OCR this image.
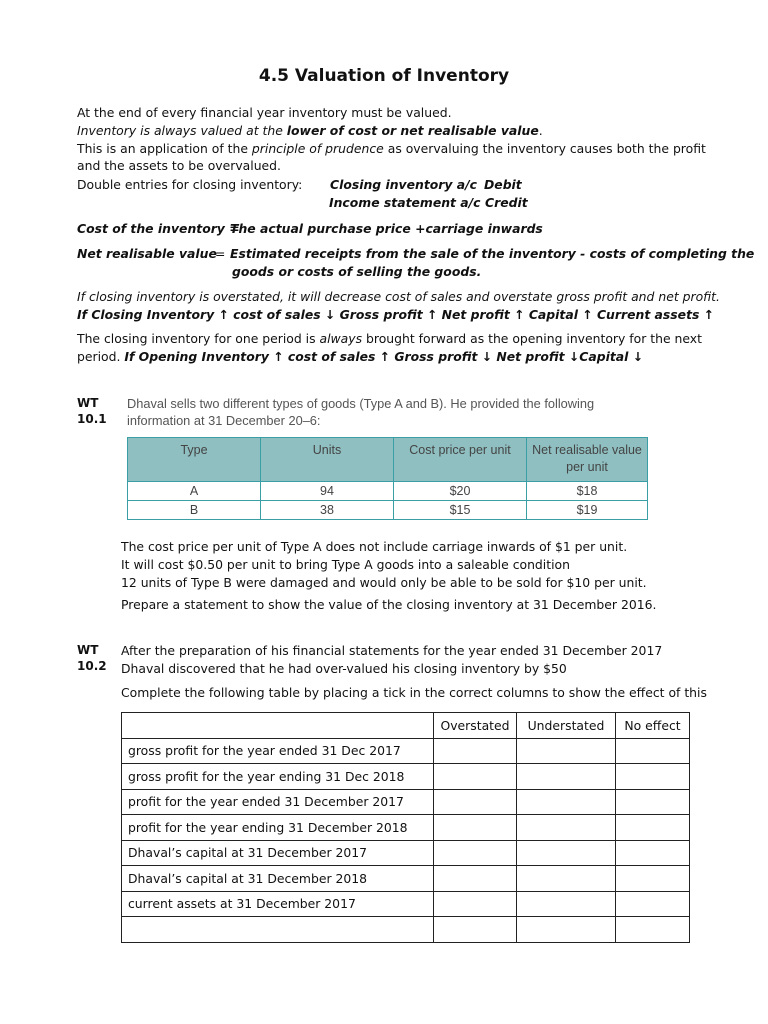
4.5 Valuation of Inventory
At the end of every financial year inventory must be valued.
Inventory is always valued at the lower of cost or net realisable value.
This is an application of the principle of prudence as overvaluing the inventory causes both the profit
and the assets to be overvalued.
Double entries for closing inventory: Closing inventory a/c Debit
Income statement a/c Credit
Cost of the inventory =
The actual purchase price +carriage inwards
Net realisable value
= Estimated receipts from the sale of the inventory - costs of completing the
goods or costs of selling the goods.
If closing inventory is overstated, it will decrease cost of sales and overstate gross profit and net profit.
If Closing Inventory ↑ cost of sales ↓ Gross profit ↑ Net profit ↑ Capital ↑ Current assets ↑
The closing inventory for one period is always brought forward as the opening inventory for the next
period. If Opening Inventory ↑ cost of sales ↑ Gross profit ↓ Net profit ↓Capital ↓
WT
10.1
Dhaval sells two different types of goods (Type A and B). He provided the following
information at 31 December 20–6:
Type	Units	Cost price per unit	Net realisable value per unit
A	94	$20	$18
B	38	$15	$19
The cost price per unit of Type A does not include carriage inwards of $1 per unit.
It will cost $0.50 per unit to bring Type A goods into a saleable condition
12 units of Type B were damaged and would only be able to be sold for $10 per unit.
Prepare a statement to show the value of the closing inventory at 31 December 2016.
WT
10.2
After the preparation of his financial statements for the year ended 31 December 2017
Dhaval discovered that he had over-valued his closing inventory by $50
Complete the following table by placing a tick in the correct columns to show the effect of this
	Overstated	Understated	No effect
gross profit for the year ended 31 Dec 2017			
gross profit for the year ending 31 Dec 2018			
profit for the year ended 31 December 2017			
profit for the year ending 31 December 2018			
Dhaval’s capital at 31 December 2017			
Dhaval’s capital at 31 December 2018			
current assets at 31 December 2017			
